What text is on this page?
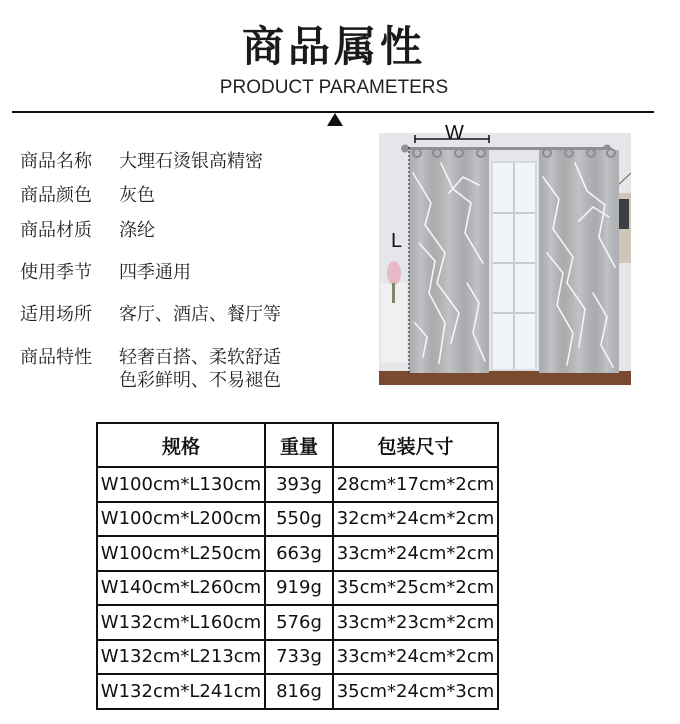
商品属性
PRODUCT PARAMETERS
商品名称 大理石烫银高精密
商品颜色 灰色
商品材质 涤纶
使用季节 四季通用
适用场所 客厅、酒店、餐厅等
商品特性 轻奢百搭、柔软舒适
色彩鲜明、不易褪色
W
L
规格	重量	包装尺寸
W100cm*L130cm	393g	28cm*17cm*2cm
W100cm*L200cm	550g	32cm*24cm*2cm
W100cm*L250cm	663g	33cm*24cm*2cm
W140cm*L260cm	919g	35cm*25cm*2cm
W132cm*L160cm	576g	33cm*23cm*2cm
W132cm*L213cm	733g	33cm*24cm*2cm
W132cm*L241cm	816g	35cm*24cm*3cm
